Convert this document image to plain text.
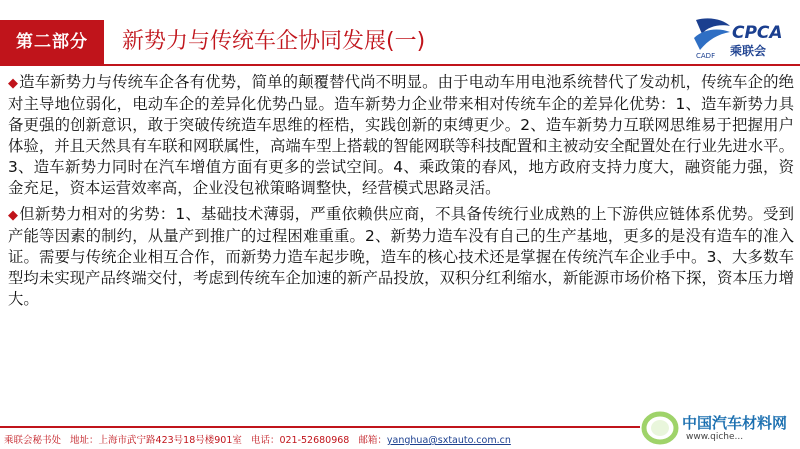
第二部分	新势力与传统车企协同发展(一)
CADF
CPCA
乘联会

◆造车新势力与传统车企各有优势，简单的颠覆替代尚不明显。由于电动车用电池系统替代了发动机，传统车企的绝对主导地位弱化，电动车企的差异化优势凸显。造车新势力企业带来相对传统车企的差异化优势：1、造车新势力具备更强的创新意识，敢于突破传统造车思维的桎梏，实践创新的束缚更少。2、造车新势力互联网思维易于把握用户体验，并且天然具有车联和网联属性，高端车型上搭载的智能网联等科技配置和主被动安全配置处在行业先进水平。3、造车新势力同时在汽车增值方面有更多的尝试空间。4、乘政策的春风，地方政府支持力度大，融资能力强，资金充足，资本运营效率高，企业没包袱策略调整快，经营模式思路灵活。

◆但新势力相对的劣势：1、基础技术薄弱，严重依赖供应商，不具备传统行业成熟的上下游供应链体系优势。受到产能等因素的制约，从量产到推广的过程困难重重。2、新势力造车没有自己的生产基地，更多的是没有造车的准入证。需要与传统企业相互合作，而新势力造车起步晚，造车的核心技术还是掌握在传统汽车企业手中。3、大多数车型均未实现产品终端交付，考虑到传统车企加速的新产品投放，双积分红利缩水，新能源市场价格下探，资本压力增大。

乘联会秘书处 地址：上海市武宁路423号18号楼901室 电话：021-52680968 邮箱：yanghua@sxtauto.com.cn
中国汽车材料网
www.qiche...
